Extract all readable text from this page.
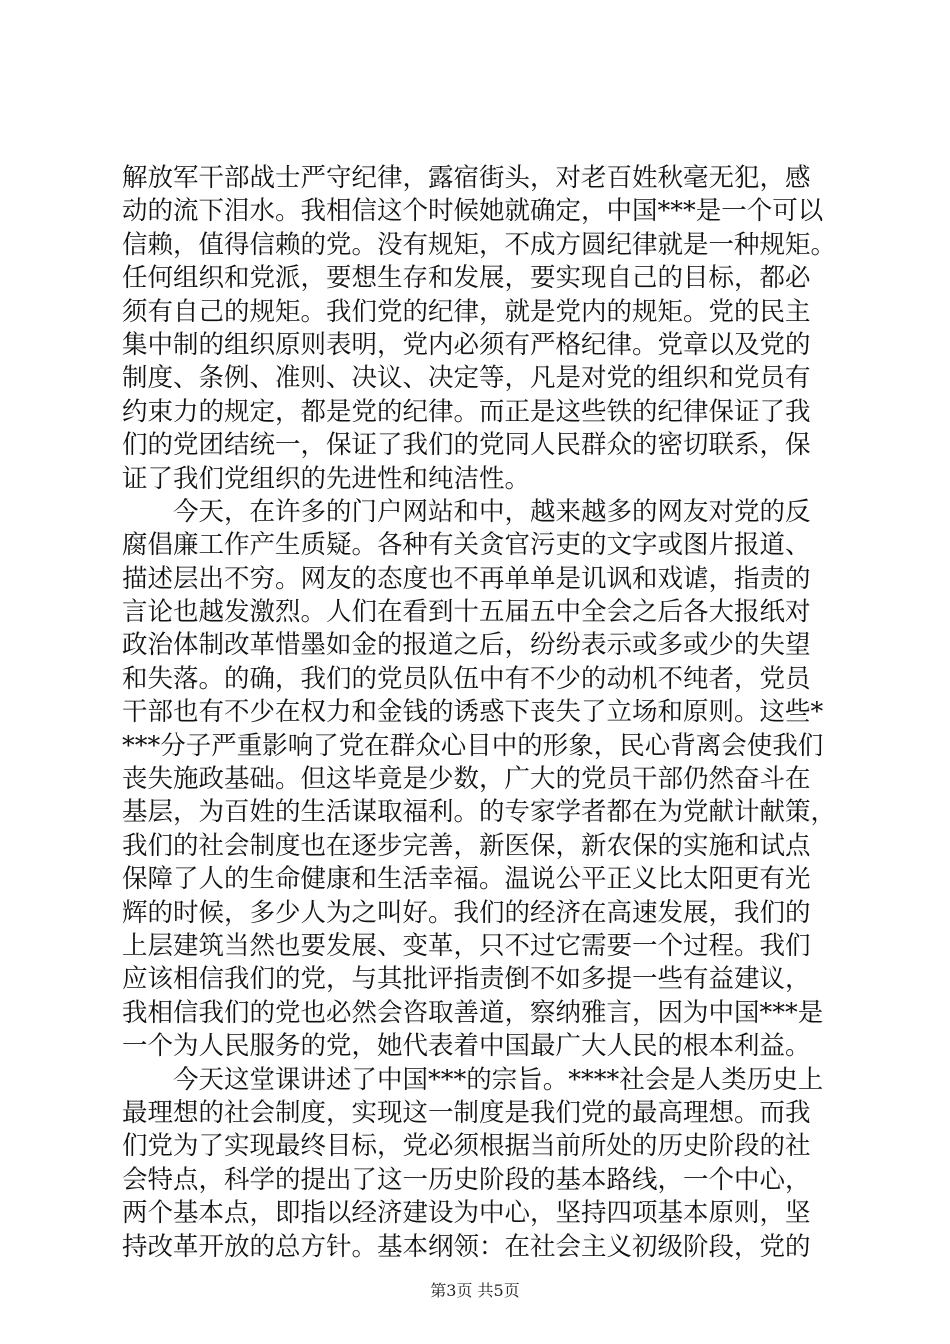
解放军干部战士严守纪律，露宿街头，对老百姓秋毫无犯，感
动的流下泪水。我相信这个时候她就确定，中国***是一个可以
信赖，值得信赖的党。没有规矩，不成方圆纪律就是一种规矩。
任何组织和党派，要想生存和发展，要实现自己的目标，都必
须有自己的规矩。我们党的纪律，就是党内的规矩。党的民主
集中制的组织原则表明，党内必须有严格纪律。党章以及党的
制度、条例、准则、决议、决定等，凡是对党的组织和党员有
约束力的规定，都是党的纪律。而正是这些铁的纪律保证了我
们的党团结统一，保证了我们的党同人民群众的密切联系，保
证了我们党组织的先进性和纯洁性。
今天，在许多的门户网站和中，越来越多的网友对党的反
腐倡廉工作产生质疑。各种有关贪官污吏的文字或图片报道、
描述层出不穷。网友的态度也不再单单是讥讽和戏谑，指责的
言论也越发激烈。人们在看到十五届五中全会之后各大报纸对
政治体制改革惜墨如金的报道之后，纷纷表示或多或少的失望
和失落。的确，我们的党员队伍中有不少的动机不纯者，党员
干部也有不少在权力和金钱的诱惑下丧失了立场和原则。这些*
***分子严重影响了党在群众心目中的形象，民心背离会使我们
丧失施政基础。但这毕竟是少数，广大的党员干部仍然奋斗在
基层，为百姓的生活谋取福利。的专家学者都在为党献计献策，
我们的社会制度也在逐步完善，新医保，新农保的实施和试点
保障了人的生命健康和生活幸福。温说公平正义比太阳更有光
辉的时候，多少人为之叫好。我们的经济在高速发展，我们的
上层建筑当然也要发展、变革，只不过它需要一个过程。我们
应该相信我们的党，与其批评指责倒不如多提一些有益建议，
我相信我们的党也必然会咨取善道，察纳雅言，因为中国***是
一个为人民服务的党，她代表着中国最广大人民的根本利益。
今天这堂课讲述了中国***的宗旨。****社会是人类历史上
最理想的社会制度，实现这一制度是我们党的最高理想。而我
们党为了实现最终目标，党必须根据当前所处的历史阶段的社
会特点，科学的提出了这一历史阶段的基本路线，一个中心，
两个基本点，即指以经济建设为中心，坚持四项基本原则，坚
持改革开放的总方针。基本纲领：在社会主义初级阶段，党的
第3页 共5页
